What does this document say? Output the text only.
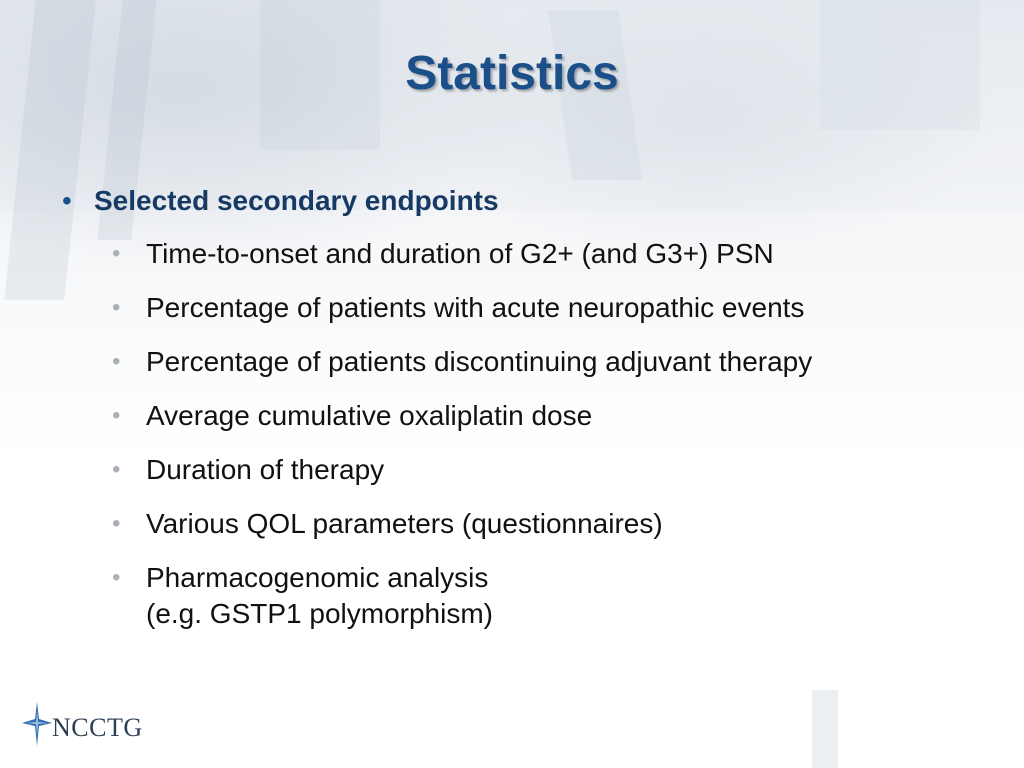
Statistics
• Selected secondary endpoints
• Time-to-onset and duration of G2+ (and G3+) PSN
• Percentage of patients with acute neuropathic events
• Percentage of patients discontinuing adjuvant therapy
• Average cumulative oxaliplatin dose
• Duration of therapy
• Various QOL parameters (questionnaires)
• Pharmacogenomic analysis
(e.g. GSTP1 polymorphism)
NCCTG
